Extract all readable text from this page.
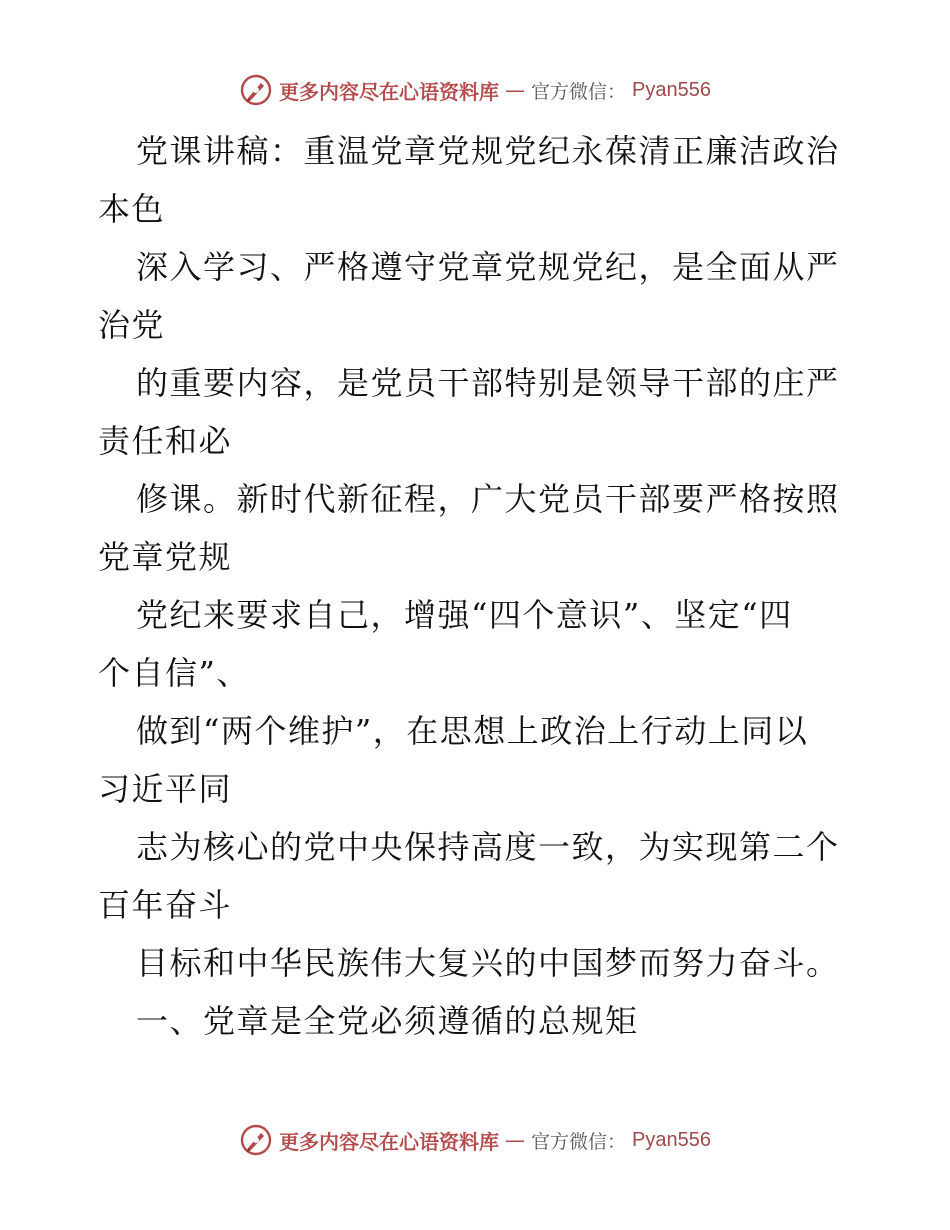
更多内容尽在心语资料库 — 官方微信： Pyan556
党课讲稿：重温党章党规党纪永葆清正廉洁政治
本色
深入学习、严格遵守党章党规党纪，是全面从严
治党
的重要内容，是党员干部特别是领导干部的庄严
责任和必
修课。新时代新征程，广大党员干部要严格按照
党章党规
党纪来要求自己，增强“四个意识”、坚定“四
个自信”、
做到“两个维护”，在思想上政治上行动上同以
习近平同
志为核心的党中央保持高度一致，为实现第二个
百年奋斗
目标和中华民族伟大复兴的中国梦而努力奋斗。
一、党章是全党必须遵循的总规矩
更多内容尽在心语资料库 — 官方微信： Pyan556
